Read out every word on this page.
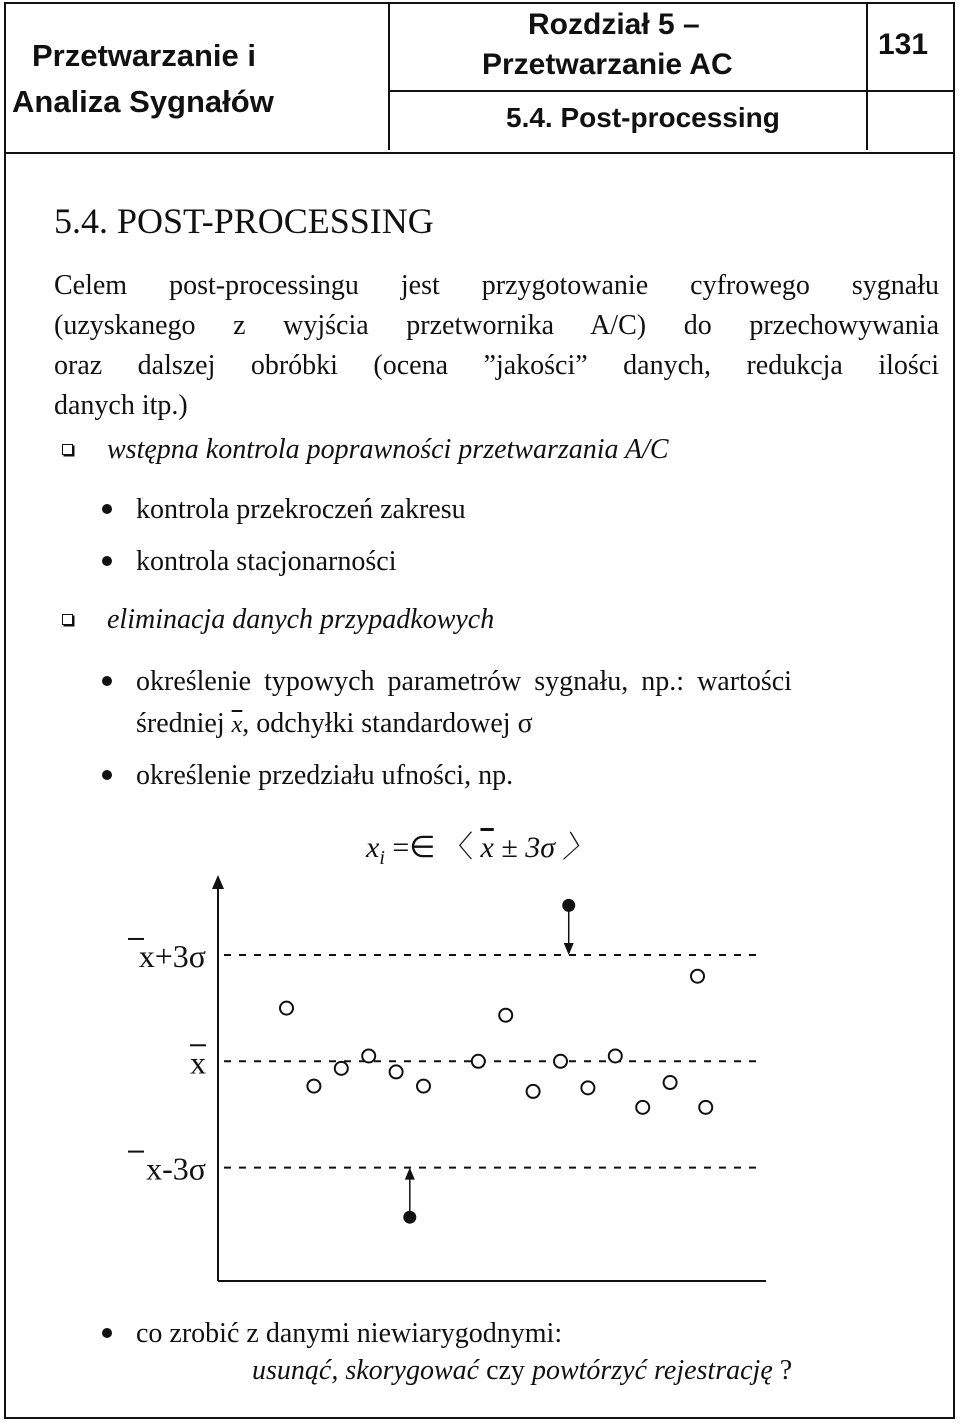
Przetwarzanie i
Analiza Sygnałów
Rozdział 5 –
Przetwarzanie AC
5.4. Post-processing
131
5.4. POST-PROCESSING
Celem post-processingu jest przygotowanie cyfrowego sygnału
(uzyskanego z wyjścia przetwornika A/C) do przechowywania
oraz dalszej obróbki (ocena ”jakości” danych, redukcja ilości
danych itp.)
wstępna kontrola poprawności przetwarzania A/C
kontrola przekroczeń zakresu
kontrola stacjonarności
eliminacja danych przypadkowych
określenie typowych parametrów sygnału, np.: wartości
średniej $\overline{x}$, odchyłki standardowej σ
określenie przedziału ufności, np.
$x_i$ =∈ 〈 $\overline{x} \pm 3\sigma$ 〉
x+3σ
x
x-3σ
co zrobić z danymi niewiarygodnymi:
usunąć, skorygować czy powtórzyć rejestrację ?
